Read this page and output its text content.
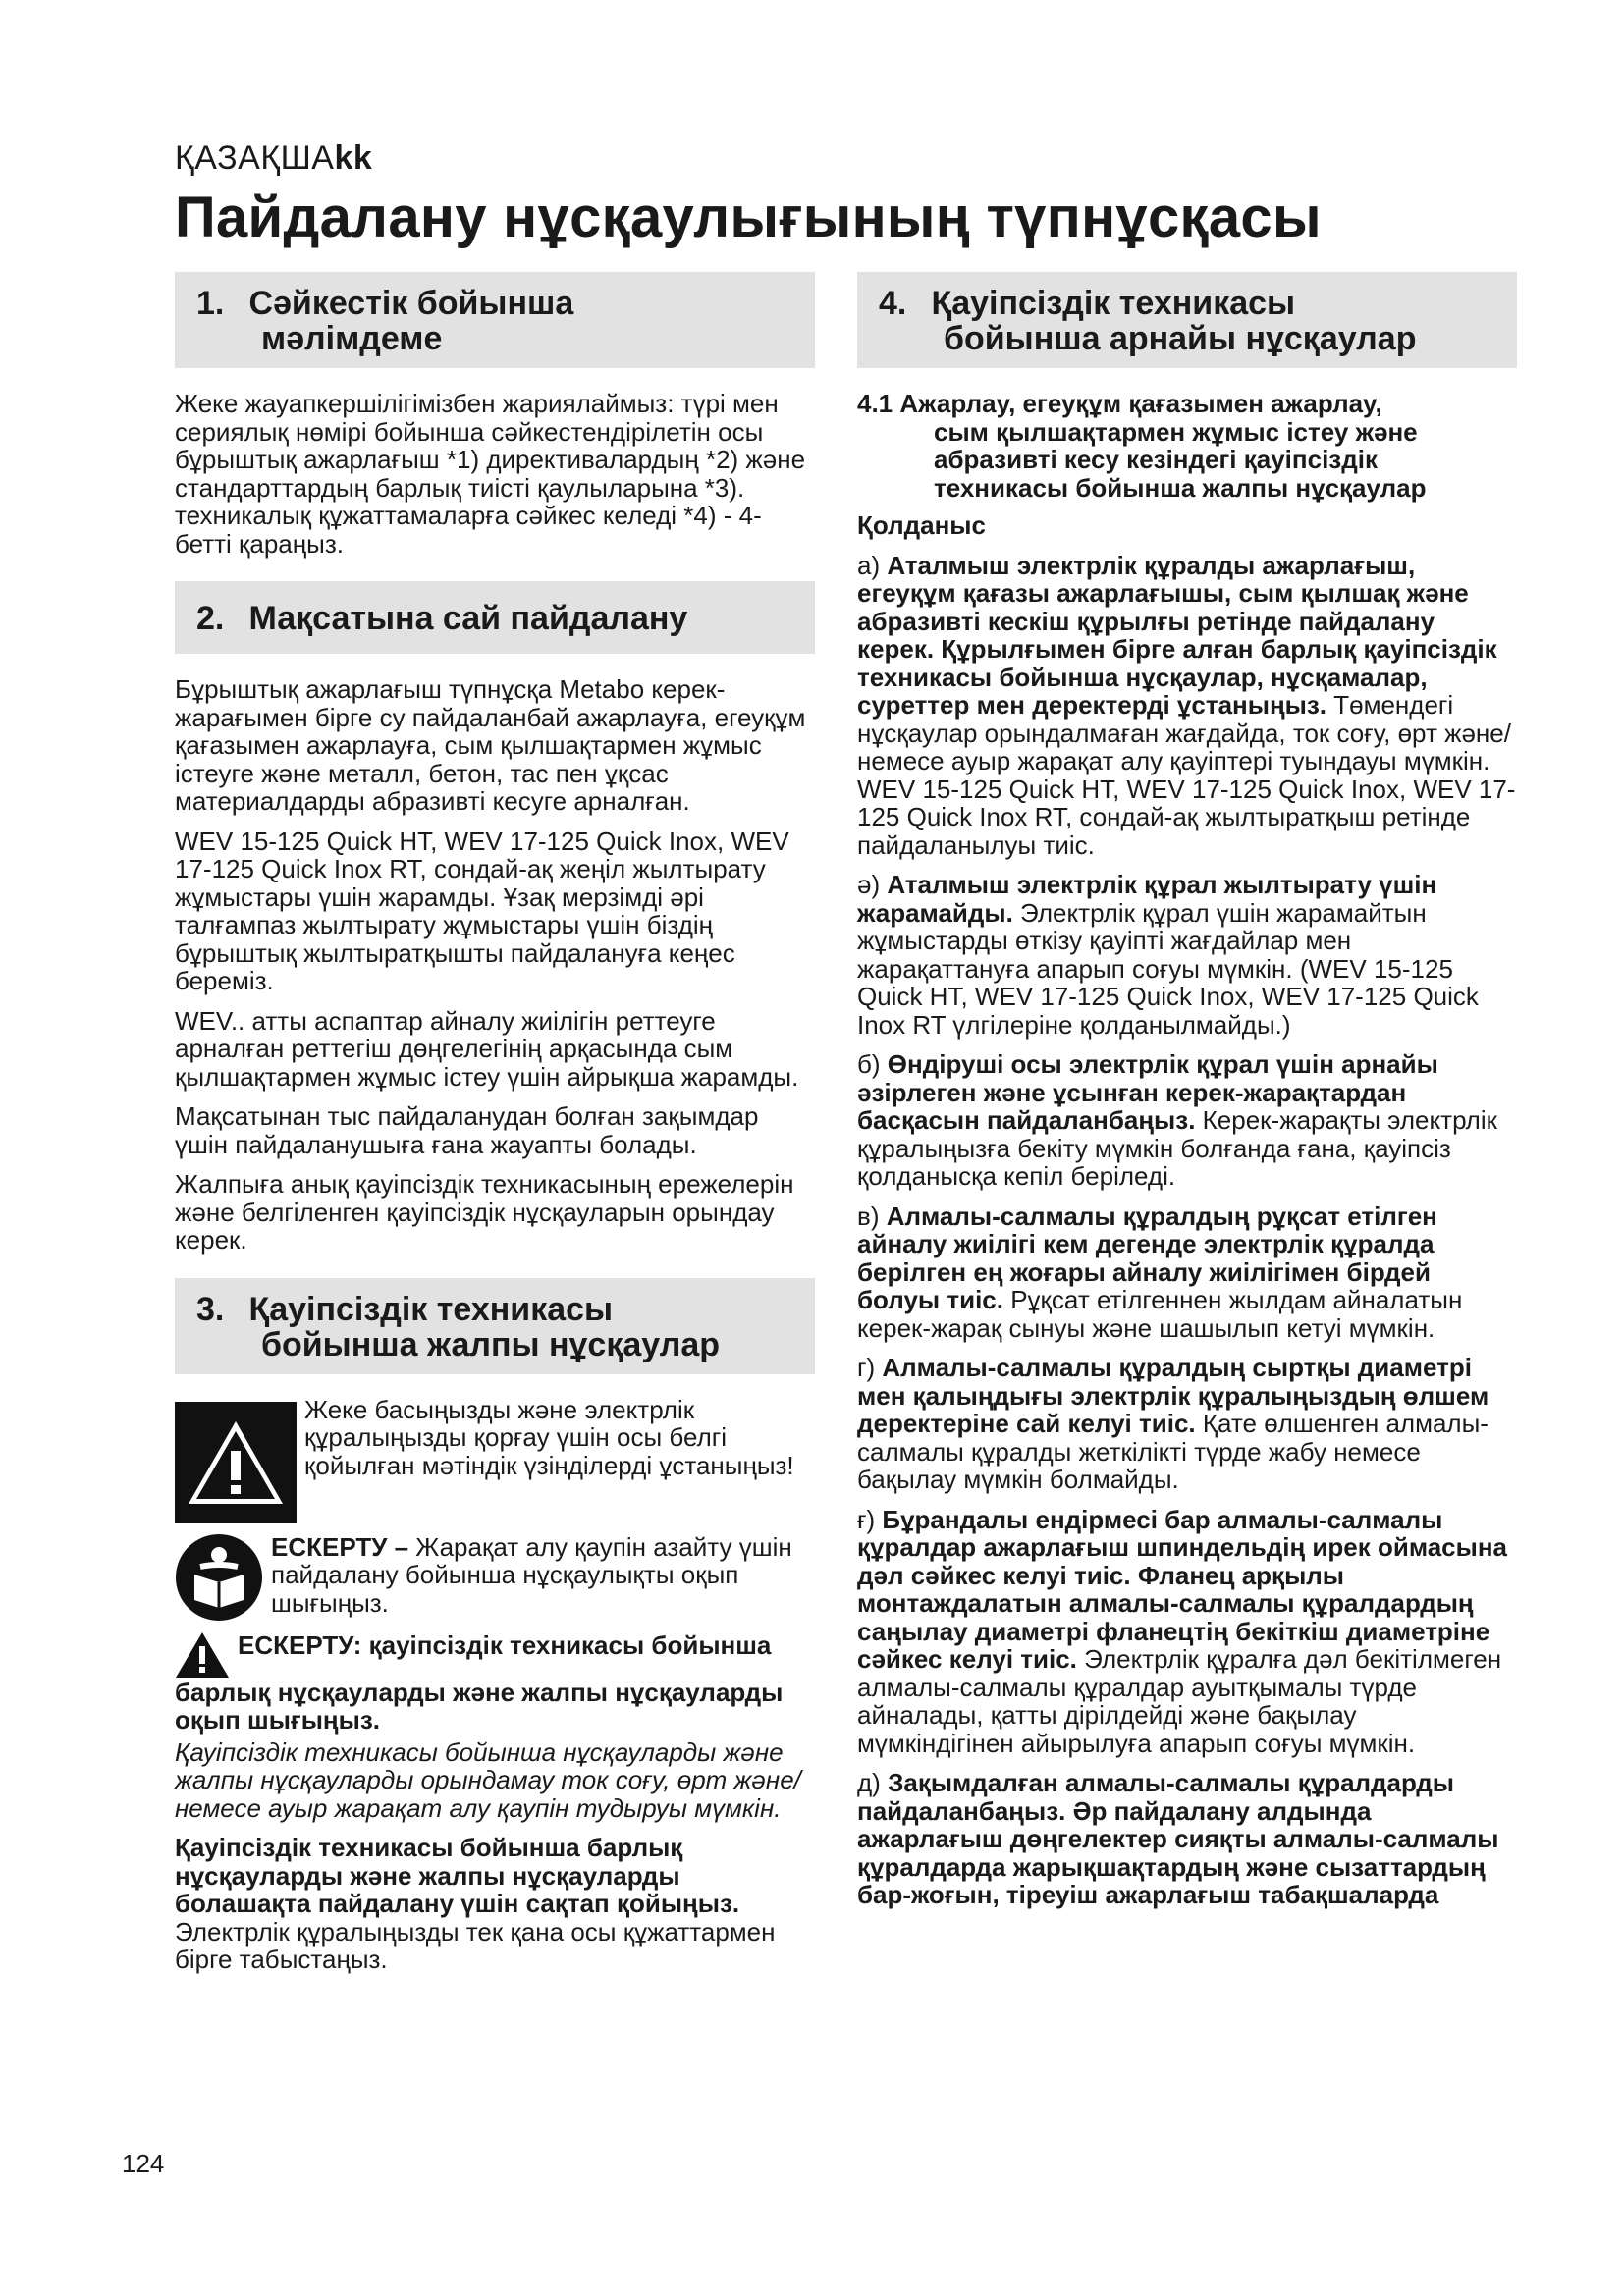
ҚАЗАҚШАkk
Пайдалану нұсқаулығының түпнұсқасы
1. Сәйкестік бойынша
мәлімдеме

Жеке жауапкершілігімізбен жариялаймыз: түрі мен сериялық нөмірі бойынша сәйкестендірілетін осы бұрыштық ажарлағыш *1) директивалардың *2) және стандарттардың барлық тиісті қаулыларына *3). техникалық құжаттамаларға сәйкес келеді *4) - 4-бетті қараңыз.

2. Мақсатына сай пайдалану

Бұрыштық ажарлағыш түпнұсқа Metabo керек-жарағымен бірге су пайдаланбай ажарлауға, егеуқұм қағазымен ажарлауға, сым қылшақтармен жұмыс істеуге және металл, бетон, тас пен ұқсас материалдарды абразивті кесуге арналған.

WEV 15-125 Quick HT, WEV 17-125 Quick Inox, WEV 17-125 Quick Inox RT, сондай-ақ жеңіл жылтырату жұмыстары үшін жарамды. Ұзақ мерзімді әрі талғампаз жылтырату жұмыстары үшін біздің бұрыштық жылтыратқышты пайдалануға кеңес береміз.

WEV.. атты аспаптар айналу жиілігін реттеуге арналған реттегіш дөңгелегінің арқасында сым қылшақтармен жұмыс істеу үшін айрықша жарамды.

Мақсатынан тыс пайдаланудан болған зақымдар үшін пайдаланушыға ғана жауапты болады.

Жалпыға анық қауіпсіздік техникасының ережелерін және белгіленген қауіпсіздік нұсқауларын орындау керек.

3. Қауіпсіздік техникасы
бойынша жалпы нұсқаулар

Жеке басыңызды және электрлік құралыңызды қорғау үшін осы белгі қойылған мәтіндік үзінділерді ұстаныңыз!

ЕСКЕРТУ – Жарақат алу қаупін азайту үшін пайдалану бойынша нұсқаулықты оқып шығыңыз.

ЕСКЕРТУ: қауіпсіздік техникасы бойынша барлық нұсқауларды және жалпы нұсқауларды оқып шығыңыз.

Қауіпсіздік техникасы бойынша нұсқауларды және жалпы нұсқауларды орындамау ток соғу, өрт және/немесе ауыр жарақат алу қаупін тудыруы мүмкін.

Қауіпсіздік техникасы бойынша барлық нұсқауларды және жалпы нұсқауларды болашақта пайдалану үшін сақтап қойыңыз.

Электрлік құралыңызды тек қана осы құжаттармен бірге табыстаңыз.

4. Қауіпсіздік техникасы
бойынша арнайы нұсқаулар
4.1 Ажарлау, егеуқұм қағазымен ажарлау,
сым қылшақтармен жұмыс істеу және
абразивті кесу кезіндегі қауіпсіздік
техникасы бойынша жалпы нұсқаулар

Қолданыс

а) Аталмыш электрлік құралды ажарлағыш, егеуқұм қағазы ажарлағышы, сым қылшақ және абразивті кескіш құрылғы ретінде пайдалану керек. Құрылғымен бірге алған барлық қауіпсіздік техникасы бойынша нұсқаулар, нұсқамалар, суреттер мен деректерді ұстаныңыз. Төмендегі нұсқаулар орындалмаған жағдайда, ток соғу, өрт және/немесе ауыр жарақат алу қауіптері туындауы мүмкін. WEV 15-125 Quick HT, WEV 17-125 Quick Inox, WEV 17-125 Quick Inox RT, сондай-ақ жылтыратқыш ретінде пайдаланылуы тиіс.

ә) Аталмыш электрлік құрал жылтырату үшін жарамайды. Электрлік құрал үшін жарамайтын жұмыстарды өткізу қауіпті жағдайлар мен жарақаттануға апарып соғуы мүмкін. (WEV 15-125 Quick HT, WEV 17-125 Quick Inox, WEV 17-125 Quick Inox RT үлгілеріне қолданылмайды.)

б) Өндіруші осы электрлік құрал үшін арнайы әзірлеген және ұсынған керек-жарақтардан басқасын пайдаланбаңыз. Керек-жарақты электрлік құралыңызға бекіту мүмкін болғанда ғана, қауіпсіз қолданысқа кепіл беріледі.

в) Алмалы-салмалы құралдың рұқсат етілген айналу жиілігі кем дегенде электрлік құралда берілген ең жоғары айналу жиілігімен бірдей болуы тиіс. Рұқсат етілгеннен жылдам айналатын керек-жарақ сынуы және шашылып кетуі мүмкін.

г) Алмалы-салмалы құралдың сыртқы диаметрі мен қалыңдығы электрлік құралыңыздың өлшем деректеріне сай келуі тиіс. Қате өлшенген алмалы-салмалы құралды жеткілікті түрде жабу немесе бақылау мүмкін болмайды.

ғ) Бұрандалы ендірмесі бар алмалы-салмалы құралдар ажарлағыш шпиндельдің ирек оймасына дәл сәйкес келуі тиіс. Фланец арқылы монтаждалатын алмалы-салмалы құралдардың саңылау диаметрі фланецтің бекіткіш диаметріне сәйкес келуі тиіс. Электрлік құралға дәл бекітілмеген алмалы-салмалы құралдар ауытқымалы түрде айналады, қатты дірілдейді және бақылау мүмкіндігінен айырылуға апарып соғуы мүмкін.

д) Зақымдалған алмалы-салмалы құралдарды пайдаланбаңыз. Әр пайдалану алдында ажарлағыш дөңгелектер сияқты алмалы-салмалы құралдарда жарықшақтардың және сызаттардың бар-жоғын, тіреуіш ажарлағыш табақшаларда

124
